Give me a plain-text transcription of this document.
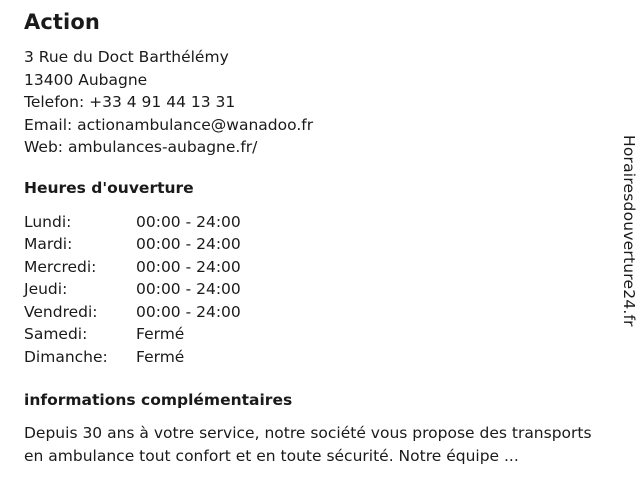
Action
3 Rue du Doct Barthélémy
13400 Aubagne
Telefon: +33 4 91 44 13 31
Email: actionambulance@wanadoo.fr
Web: ambulances-aubagne.fr/
Heures d'ouverture
Lundi:	00:00 - 24:00
Mardi:	00:00 - 24:00
Mercredi:	00:00 - 24:00
Jeudi:	00:00 - 24:00
Vendredi:	00:00 - 24:00
Samedi:	Fermé
Dimanche:	Fermé
informations complémentaires
Depuis 30 ans à votre service, notre société vous propose des transports en ambulance tout confort et en toute sécurité. Notre équipe ...
Horairesdouverture24.fr
